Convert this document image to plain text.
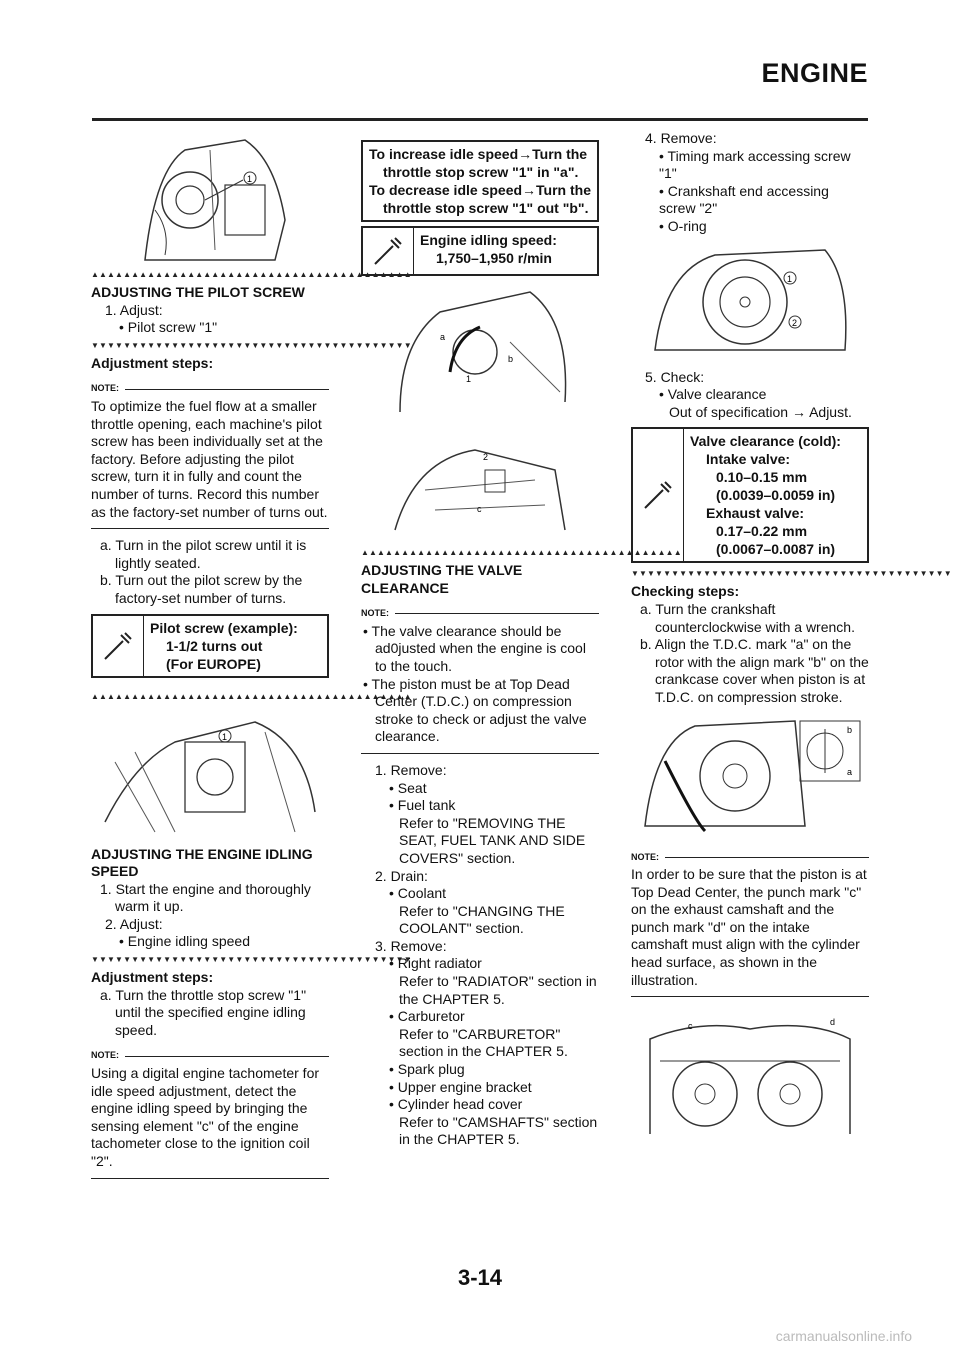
ENGINE
1
▲▲▲▲▲▲▲▲▲▲▲▲▲▲▲▲▲▲▲▲▲▲▲▲▲▲▲▲▲▲▲▲▲▲▲▲▲▲▲▲
ADJUSTING THE PILOT SCREW
1. Adjust:
• Pilot screw "1"
▼▼▼▼▼▼▼▼▼▼▼▼▼▼▼▼▼▼▼▼▼▼▼▼▼▼▼▼▼▼▼▼▼▼▼▼▼▼▼▼
Adjustment steps:
NOTE:
To optimize the fuel flow at a smaller throttle opening, each machine's pilot screw has been individually set at the factory. Before adjusting the pilot screw, turn it in fully and count the number of turns. Record this number as the factory-set number of turns out.
a. Turn in the pilot screw until it is lightly seated.
b. Turn out the pilot screw by the factory-set number of turns.
Pilot screw (example):
1-1/2 turns out
(For EUROPE)
▲▲▲▲▲▲▲▲▲▲▲▲▲▲▲▲▲▲▲▲▲▲▲▲▲▲▲▲▲▲▲▲▲▲▲▲▲▲▲▲
1
ADJUSTING THE ENGINE IDLING SPEED
1. Start the engine and thoroughly warm it up.
2. Adjust:
• Engine idling speed
▼▼▼▼▼▼▼▼▼▼▼▼▼▼▼▼▼▼▼▼▼▼▼▼▼▼▼▼▼▼▼▼▼▼▼▼▼▼▼▼
Adjustment steps:
a. Turn the throttle stop screw "1" until the specified engine idling speed.
NOTE:
Using a digital engine tachometer for idle speed adjustment, detect the engine idling speed by bringing the sensing element "c" of the engine tachometer close to the ignition coil "2".
To increase idle speed→Turn the
throttle stop screw "1" in "a".
To decrease idle speed→Turn the
throttle stop screw "1" out "b".
Engine idling speed:
1,750–1,950 r/min
a
b
1
2
c
▲▲▲▲▲▲▲▲▲▲▲▲▲▲▲▲▲▲▲▲▲▲▲▲▲▲▲▲▲▲▲▲▲▲▲▲▲▲▲▲
ADJUSTING THE VALVE CLEARANCE
NOTE:
• The valve clearance should be ad0justed when the engine is cool to the touch.
• The piston must be at Top Dead Center (T.D.C.) on compression stroke to check or adjust the valve clearance.
1. Remove:
• Seat
• Fuel tank
Refer to "REMOVING THE SEAT, FUEL TANK AND SIDE COVERS" section.
2. Drain:
• Coolant
Refer to "CHANGING THE COOLANT" section.
3. Remove:
• Right radiator
Refer to "RADIATOR" section in the CHAPTER 5.
• Carburetor
Refer to "CARBURETOR" section in the CHAPTER 5.
• Spark plug
• Upper engine bracket
• Cylinder head cover
Refer to "CAMSHAFTS" section in the CHAPTER 5.
4. Remove:
• Timing mark accessing screw "1"
• Crankshaft end accessing screw "2"
• O-ring
1
2
5. Check:
• Valve clearance
Out of specification → Adjust.
Valve clearance (cold):
Intake valve:
0.10–0.15 mm
(0.0039–0.0059 in)
Exhaust valve:
0.17–0.22 mm
(0.0067–0.0087 in)
▼▼▼▼▼▼▼▼▼▼▼▼▼▼▼▼▼▼▼▼▼▼▼▼▼▼▼▼▼▼▼▼▼▼▼▼▼▼▼▼
Checking steps:
a. Turn the crankshaft counterclockwise with a wrench.
b. Align the T.D.C. mark "a" on the rotor with the align mark "b" on the crankcase cover when piston is at T.D.C. on compression stroke.
b
a
NOTE:
In order to be sure that the piston is at Top Dead Center, the punch mark "c" on the exhaust camshaft and the punch mark "d" on the intake camshaft must align with the cylinder head surface, as shown in the illustration.
c	d
3-14
carmanualsonline.info
